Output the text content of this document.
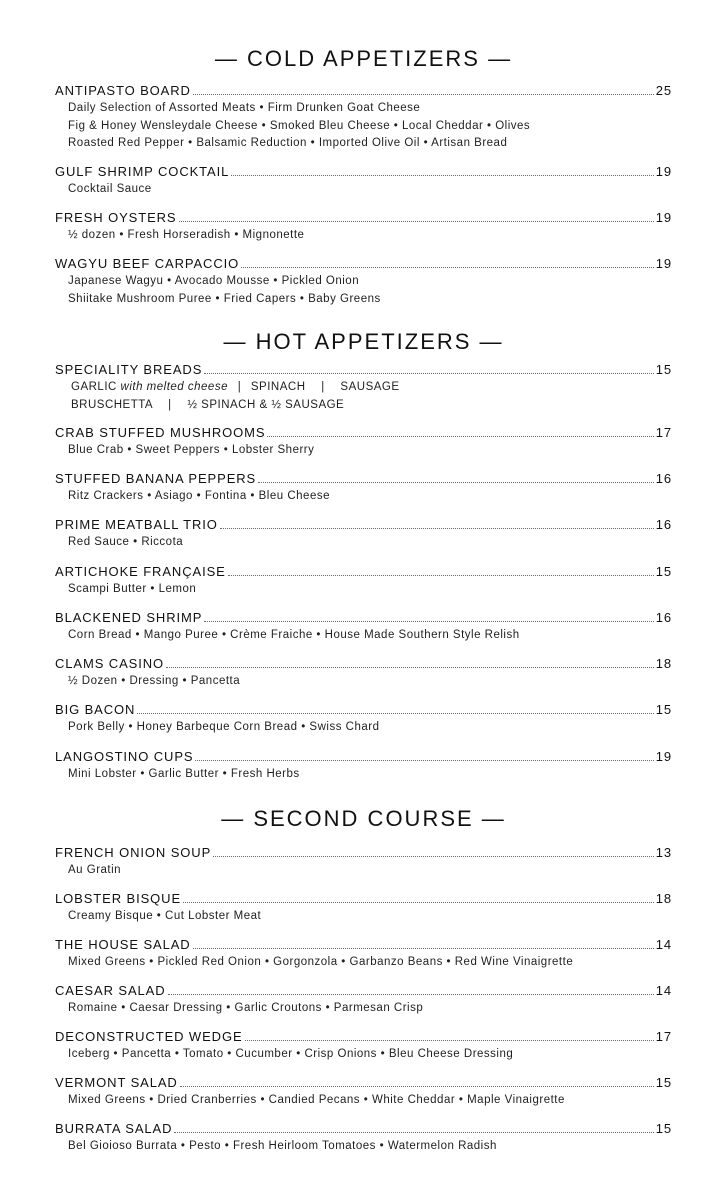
— COLD APPETIZERS —
ANTIPASTO BOARD	25
Daily Selection of Assorted Meats • Firm Drunken Goat Cheese
Fig & Honey Wensleydale Cheese • Smoked Bleu Cheese • Local Cheddar • Olives
Roasted Red Pepper • Balsamic Reduction • Imported Olive Oil • Artisan Bread
GULF SHRIMP COCKTAIL	19
Cocktail Sauce
FRESH OYSTERS	19
½ dozen • Fresh Horseradish • Mignonette
WAGYU BEEF CARPACCIO	19
Japanese Wagyu • Avocado Mousse • Pickled Onion
Shiitake Mushroom Puree • Fried Capers • Baby Greens
— HOT APPETIZERS —
SPECIALITY BREADS	15
GARLIC with melted cheese | SPINACH | SAUSAGE
BRUSCHETTA | ½ SPINACH & ½ SAUSAGE
CRAB STUFFED MUSHROOMS	17
Blue Crab • Sweet Peppers • Lobster Sherry
STUFFED BANANA PEPPERS	16
Ritz Crackers • Asiago • Fontina • Bleu Cheese
PRIME MEATBALL TRIO	16
Red Sauce • Riccota
ARTICHOKE FRANÇAISE	15
Scampi Butter • Lemon
BLACKENED SHRIMP	16
Corn Bread • Mango Puree • Crème Fraiche • House Made Southern Style Relish
CLAMS CASINO	18
½ Dozen • Dressing • Pancetta
BIG BACON	15
Pork Belly • Honey Barbeque Corn Bread • Swiss Chard
LANGOSTINO CUPS	19
Mini Lobster • Garlic Butter • Fresh Herbs
— SECOND COURSE —
FRENCH ONION SOUP	13
Au Gratin
LOBSTER BISQUE	18
Creamy Bisque • Cut Lobster Meat
THE HOUSE SALAD	14
Mixed Greens • Pickled Red Onion • Gorgonzola • Garbanzo Beans • Red Wine Vinaigrette
CAESAR SALAD	14
Romaine • Caesar Dressing • Garlic Croutons • Parmesan Crisp
DECONSTRUCTED WEDGE	17
Iceberg • Pancetta • Tomato • Cucumber • Crisp Onions • Bleu Cheese Dressing
VERMONT SALAD	15
Mixed Greens • Dried Cranberries • Candied Pecans • White Cheddar • Maple Vinaigrette
BURRATA SALAD	15
Bel Gioioso Burrata • Pesto • Fresh Heirloom Tomatoes • Watermelon Radish
